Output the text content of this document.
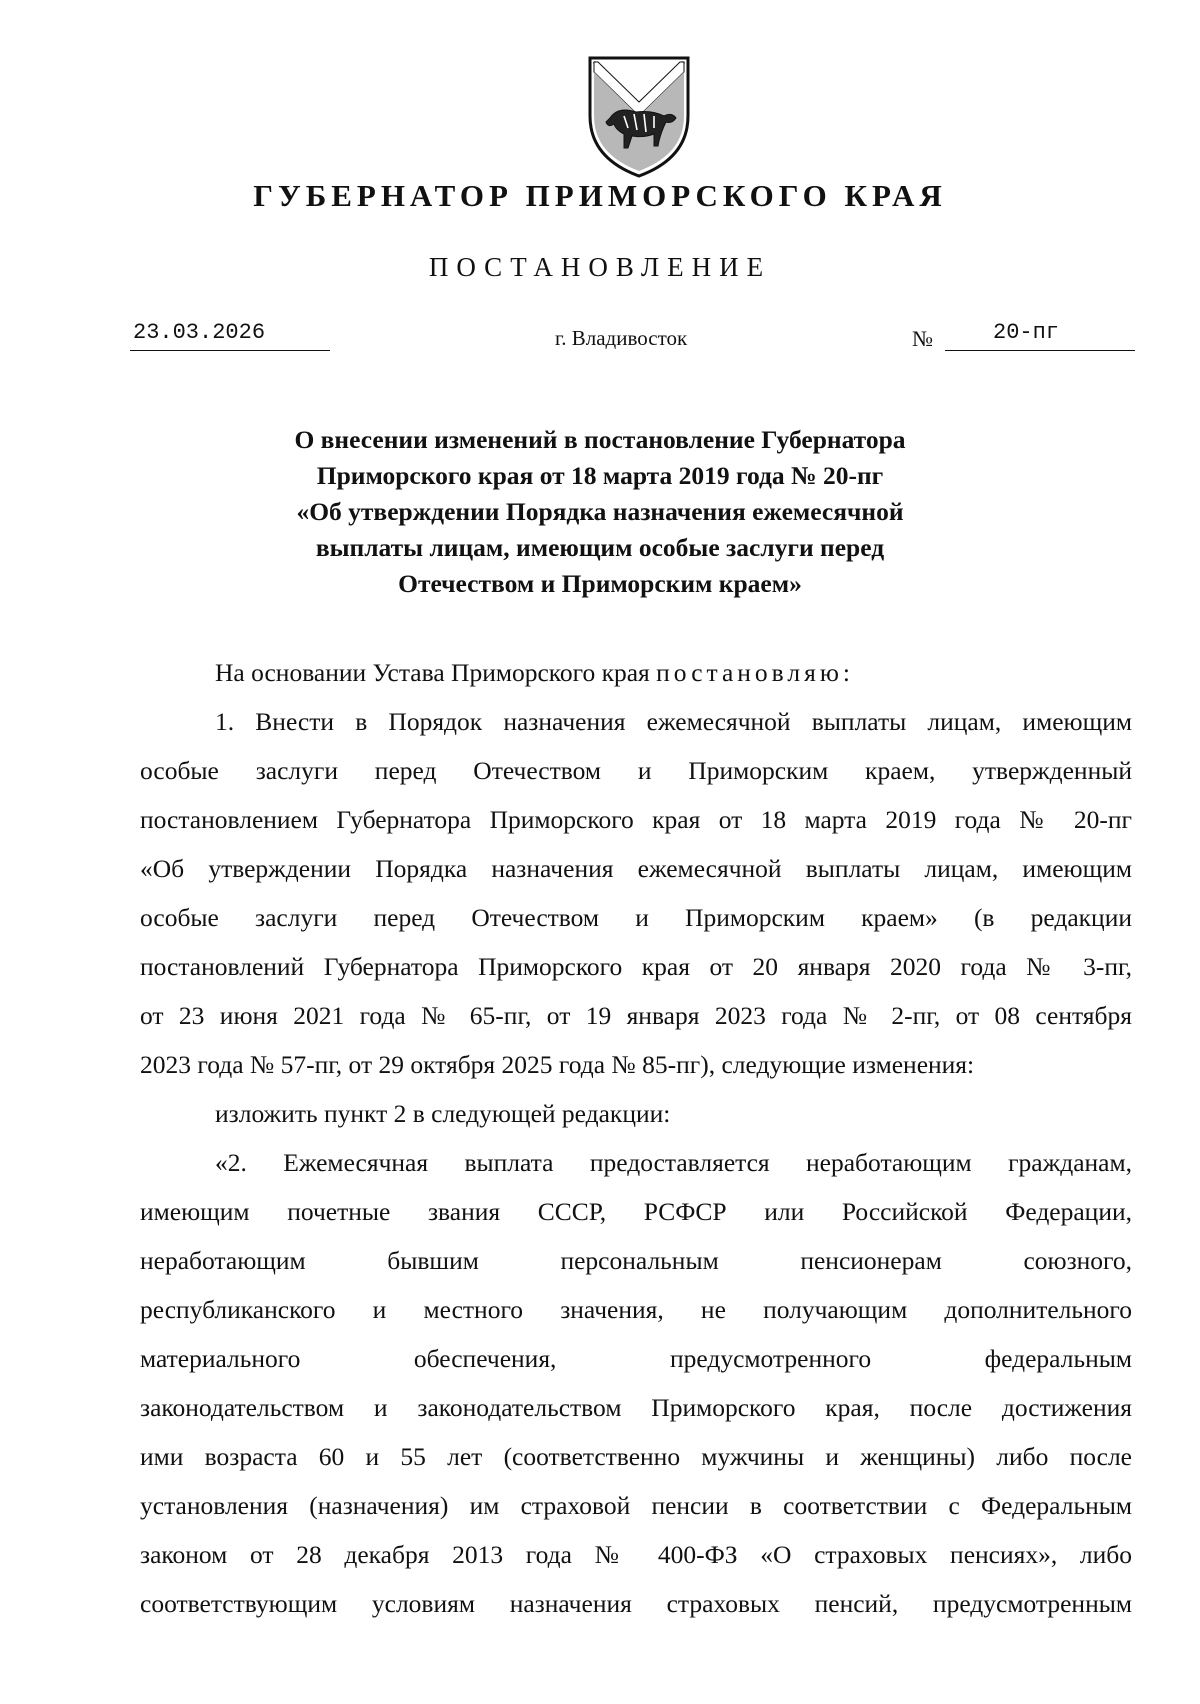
ГУБЕРНАТОР ПРИМОРСКОГО КРАЯ
ПОСТАНОВЛЕНИЕ
23.03.2026	г. Владивосток	№	20-пг
О внесении изменений в постановление Губернатора
Приморского края от 18 марта 2019 года № 20-пг
«Об утверждении Порядка назначения ежемесячной
выплаты лицам, имеющим особые заслуги перед
Отечеством и Приморским краем»
На основании Устава Приморского края постановляю:
1. Внести в Порядок назначения ежемесячной выплаты лицам, имеющим
особые заслуги перед Отечеством и Приморским краем, утвержденный
постановлением Губернатора Приморского края от 18 марта 2019 года № 20-пг
«Об утверждении Порядка назначения ежемесячной выплаты лицам, имеющим
особые заслуги перед Отечеством и Приморским краем» (в редакции
постановлений Губернатора Приморского края от 20 января 2020 года № 3-пг,
от 23 июня 2021 года № 65-пг, от 19 января 2023 года № 2-пг, от 08 сентября
2023 года № 57-пг, от 29 октября 2025 года № 85-пг), следующие изменения:
изложить пункт 2 в следующей редакции:
«2. Ежемесячная выплата предоставляется неработающим гражданам,
имеющим почетные звания СССР, РСФСР или Российской Федерации,
неработающим бывшим персональным пенсионерам союзного,
республиканского и местного значения, не получающим дополнительного
материального обеспечения, предусмотренного федеральным
законодательством и законодательством Приморского края, после достижения
ими возраста 60 и 55 лет (соответственно мужчины и женщины) либо после
установления (назначения) им страховой пенсии в соответствии с Федеральным
законом от 28 декабря 2013 года № 400-ФЗ «О страховых пенсиях», либо
соответствующим условиям назначения страховых пенсий, предусмотренным
